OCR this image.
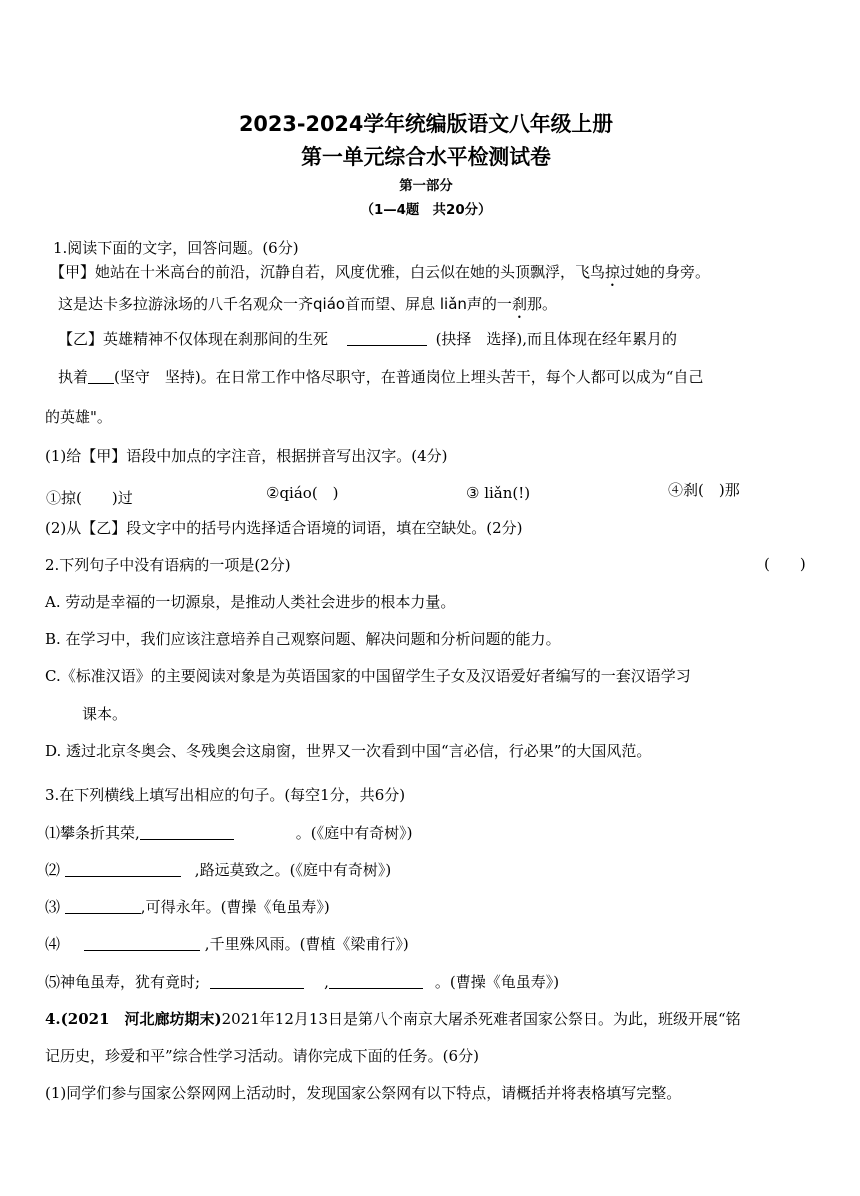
2023-2024学年统编版语文八年级上册
第一单元综合水平检测试卷
第一部分
（1—4题　共20分）
1.阅读下面的文字，回答问题。(6分)
【甲】她站在十米高台的前沿，沉静自若，风度优雅，白云似在她的头顶飘浮，飞鸟掠过她的身旁。
这是达卡多拉游泳场的八千名观众一齐qiáo首而望、屏息 liǎn声的一刹那。
【乙】英雄精神不仅体现在刹那间的生死	(抉择　选择),而且体现在经年累月的
执着 (坚守　坚持)。在日常工作中恪尽职守，在普通岗位上埋头苦干，每个人都可以成为“自己
的英雄"。
(1)给【甲】语段中加点的字注音，根据拼音写出汉字。(4分)
①掠(　　)过	②qiáo(　)	③ liǎn(!)	④刹(　)那
(2)从【乙】段文字中的括号内选择适合语境的词语，填在空缺处。(2分)
2.下列句子中没有语病的一项是(2分)	(　　)
A. 劳动是幸福的一切源泉，是推动人类社会进步的根本力量。
B. 在学习中，我们应该注意培养自己观察问题、解决问题和分析问题的能力。
C.《标准汉语》的主要阅读对象是为英语国家的中国留学生子女及汉语爱好者编写的一套汉语学习
课本。
D. 透过北京冬奥会、冬残奥会这扇窗，世界又一次看到中国“言必信，行必果”的大国风范。
3.在下列横线上填写出相应的句子。(每空1分，共6分)
⑴攀条折其荣,	。(《庭中有奇树》)
⑵	,路远莫致之。(《庭中有奇树》)
⑶	,可得永年。(曹操《龟虽寿》)
⑷	,千里殊风雨。(曹植《梁甫行》)
⑸神龟虽寿，犹有竟时;	,	。(曹操《龟虽寿》)
4.(2021　河北廊坊期末)2021年12月13日是第八个南京大屠杀死难者国家公祭日。为此，班级开展“铭
记历史，珍爱和平”综合性学习活动。请你完成下面的任务。(6分)
(1)同学们参与国家公祭网网上活动时，发现国家公祭网有以下特点，请概括并将表格填写完整。
